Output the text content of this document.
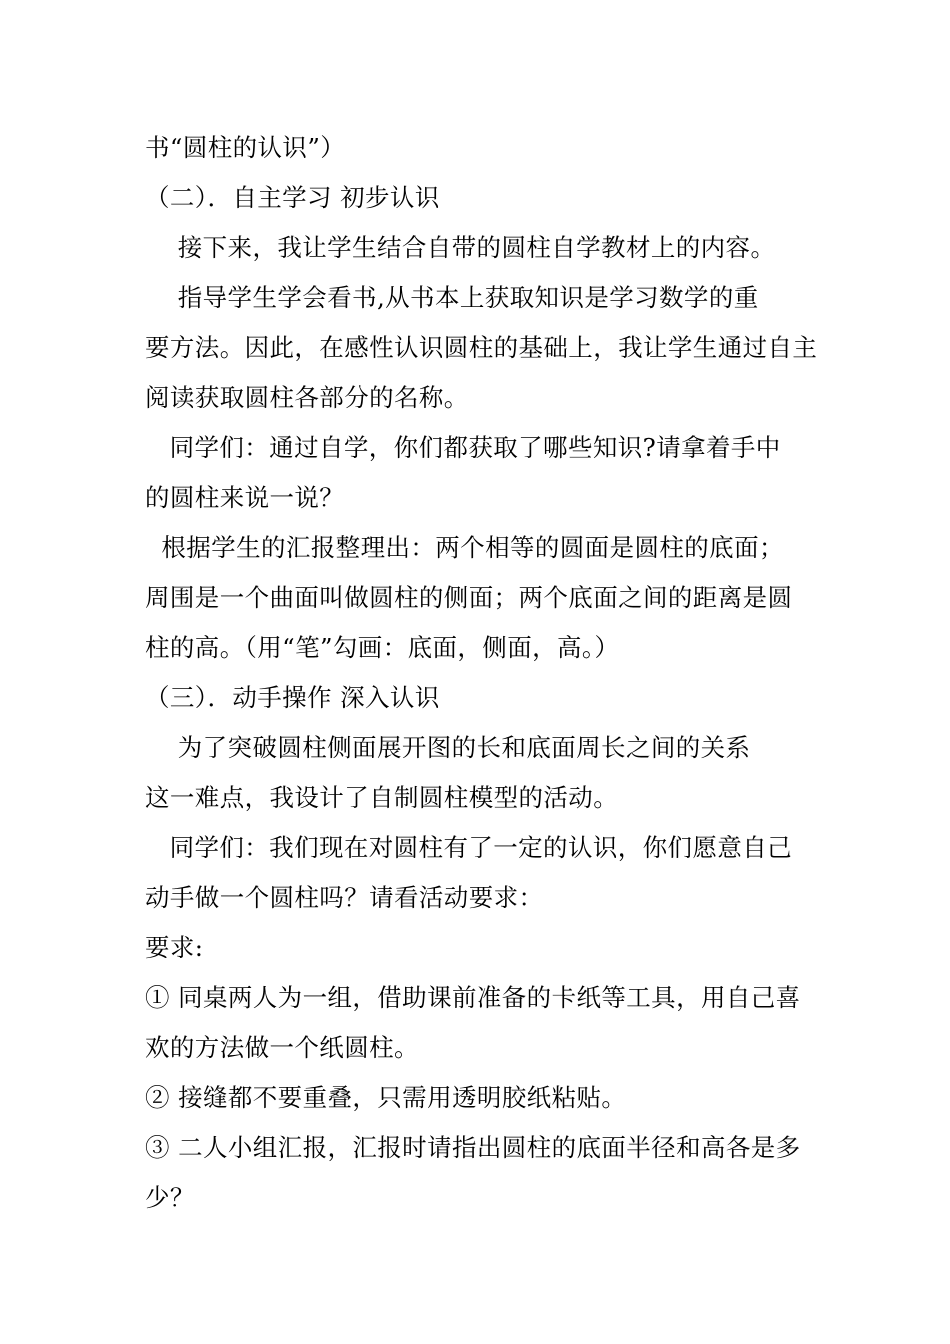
书“圆柱的认识”）
（二）．自主学习 初步认识
接下来，我让学生结合自带的圆柱自学教材上的内容。
指导学生学会看书,从书本上获取知识是学习数学的重
要方法。因此，在感性认识圆柱的基础上，我让学生通过自主
阅读获取圆柱各部分的名称。
同学们：通过自学，你们都获取了哪些知识?请拿着手中
的圆柱来说一说？
根据学生的汇报整理出：两个相等的圆面是圆柱的底面；
周围是一个曲面叫做圆柱的侧面；两个底面之间的距离是圆
柱的高。（用“笔”勾画：底面，侧面，高。）
（三）．动手操作 深入认识
为了突破圆柱侧面展开图的长和底面周长之间的关系
这一难点，我设计了自制圆柱模型的活动。
同学们：我们现在对圆柱有了一定的认识，你们愿意自己
动手做一个圆柱吗？请看活动要求：
要求:
① 同桌两人为一组，借助课前准备的卡纸等工具，用自己喜
欢的方法做一个纸圆柱。
② 接缝都不要重叠，只需用透明胶纸粘贴。
③ 二人小组汇报，汇报时请指出圆柱的底面半径和高各是多
少？
